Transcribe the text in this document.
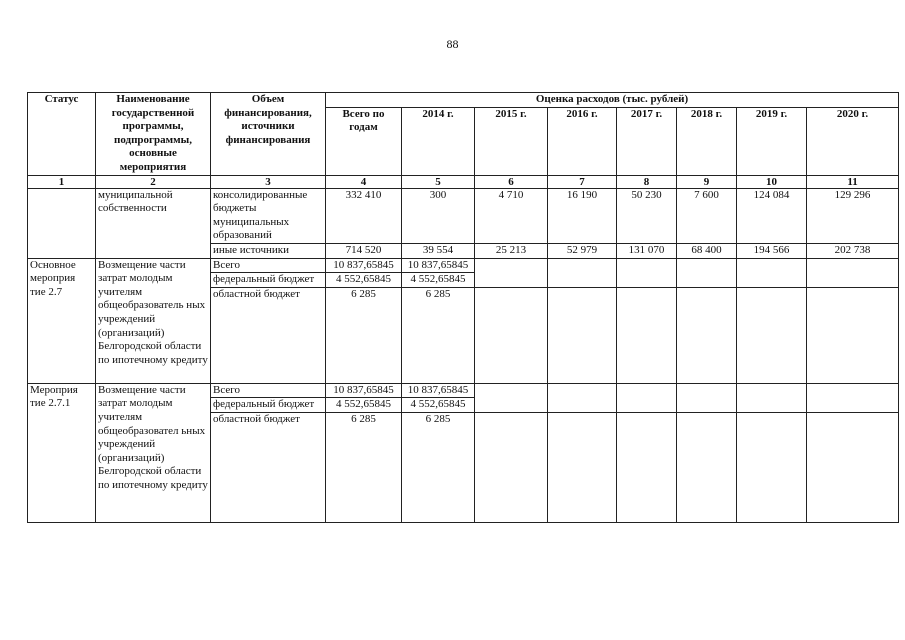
88
Статус	Наименование государственной программы, подпрограммы, основные мероприятия	Объем финансирования, источники финансирования	Оценка расходов (тыс. рублей)							
			Всего по годам	2014 г.	2015 г.	2016 г.	2017 г.	2018 г.	2019 г.	2020 г.
1	2	3	4	5	6	7	8	9	10	11
	муниципальной собственности	консолидированные бюджеты муниципальных образований	332 410	300	4 710	16 190	50 230	7 600	124 084	129 296
		иные источники	714 520	39 554	25 213	52 979	131 070	68 400	194 566	202 738
Основное мероприя тие 2.7	Возмещение части затрат молодым учителям общеобразователь ных учреждений (организаций) Белгородской области по ипотечному кредиту	Всего	10 837,65845	10 837,65845						
		федеральный бюджет	4 552,65845	4 552,65845						
		областной бюджет	6 285	6 285						
Мероприя тие 2.7.1	Возмещение части затрат молодым учителям общеобразовател ьных учреждений (организаций) Белгородской области по ипотечному кредиту	Всего	10 837,65845	10 837,65845						
		федеральный бюджет	4 552,65845	4 552,65845						
		областной бюджет	6 285	6 285						
